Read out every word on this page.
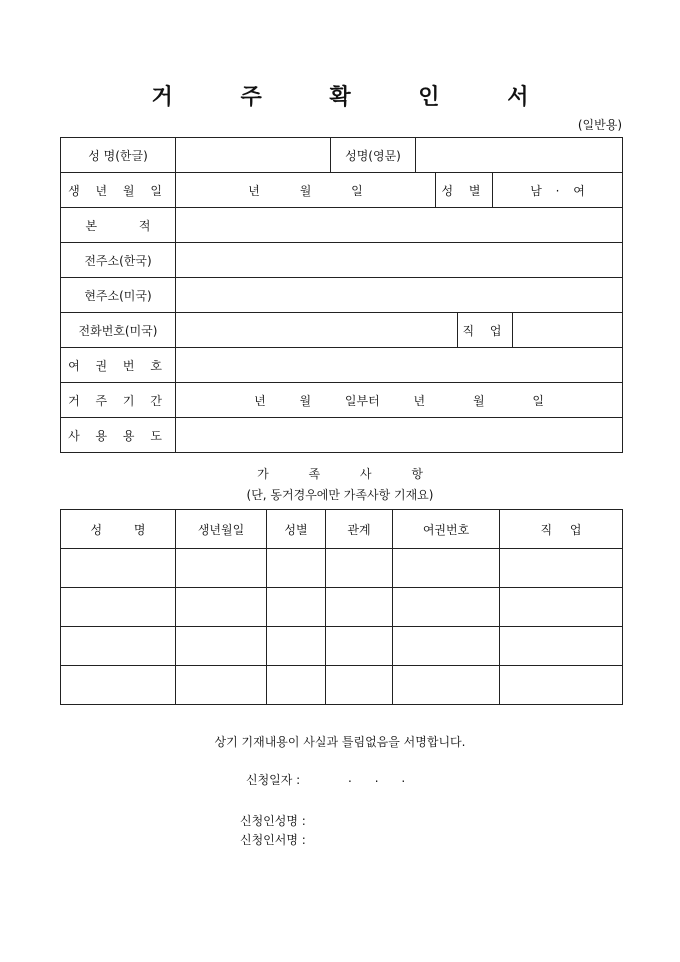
거 주 확 인 서
(일반용)
성 명(한글)		성명(영문)					
생 년 월 일	년 월 일			성 별		남 · 여	
본 적							
전주소(한국)							
현주소(미국)							
전화번호(미국)					직 업		
여 권 번 호							
거 주 기 간	년 월 일부터 년 월 일						
사 용 용 도							
가 족 사 항
(단, 동거경우에만 가족사항 기재요)
성 명	생년월일	성별	관계	여권번호	직 업

상기 기재내용이 사실과 틀림없음을 서명합니다.
신청일자 :	.      .      .
신청인성명 :
신청인서명 :
